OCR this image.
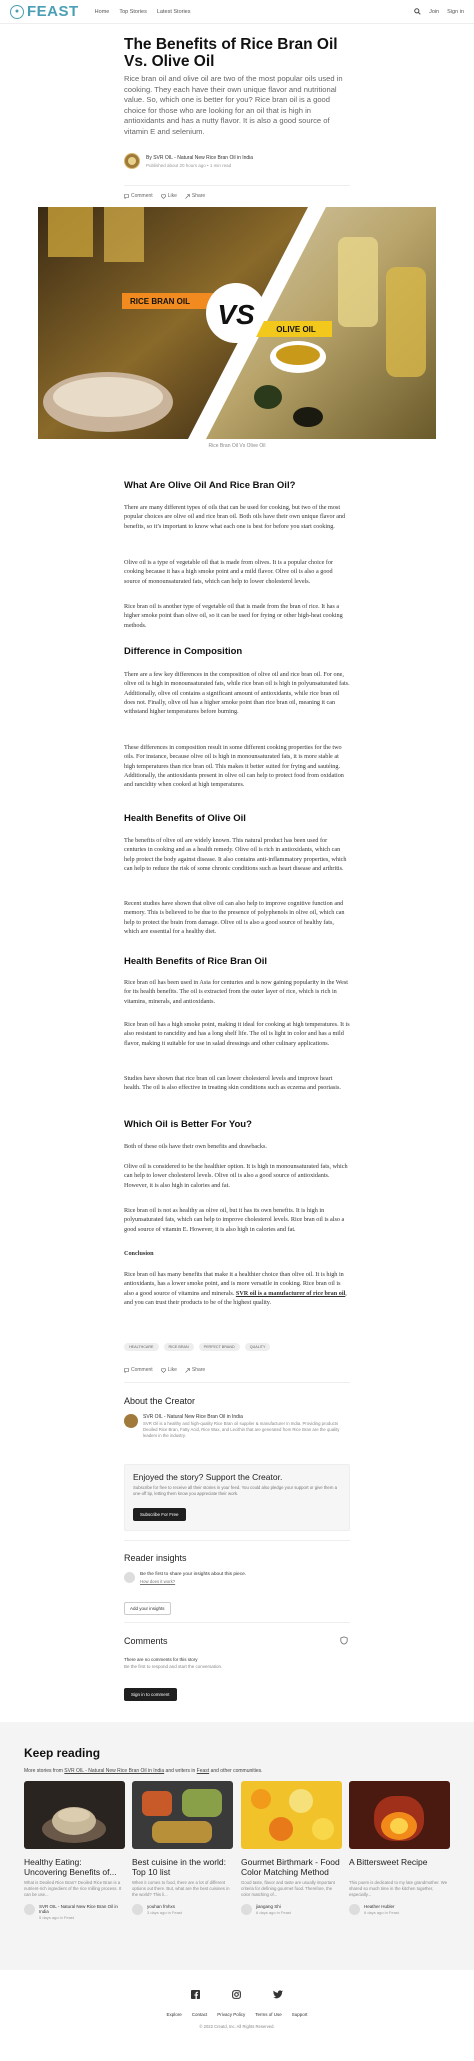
● FEAST	Home Top Stories Latest Stories	Join Sign in
The Benefits of Rice Bran Oil Vs. Olive Oil
Rice bran oil and olive oil are two of the most popular oils used in cooking. They each have their own unique flavor and nutritional value. So, which one is better for you? Rice bran oil is a good choice for those who are looking for an oil that is high in antioxidants and has a nutty flavor. It is also a good source of vitamin E and selenium.
By SVR OIL - Natural New Rice Bran Oil in India
Published about 20 hours ago • 1 min read
Comment	Like	Share
RICE BRAN OIL VS	OLIVE OIL
Rice Bran Oil Vs Olive Oil
What Are Olive Oil And Rice Bran Oil?
There are many different types of oils that can be used for cooking, but two of the most popular choices are olive oil and rice bran oil. Both oils have their own unique flavor and benefits, so it’s important to know what each one is best for before you start cooking.
Olive oil is a type of vegetable oil that is made from olives. It is a popular choice for cooking because it has a high smoke point and a mild flavor. Olive oil is also a good source of monounsaturated fats, which can help to lower cholesterol levels.
Rice bran oil is another type of vegetable oil that is made from the bran of rice. It has a higher smoke point than olive oil, so it can be used for frying or other high-heat cooking methods.
Difference in Composition
There are a few key differences in the composition of olive oil and rice bran oil. For one, olive oil is high in monounsaturated fats, while rice bran oil is high in polyunsaturated fats. Additionally, olive oil contains a significant amount of antioxidants, while rice bran oil does not. Finally, olive oil has a higher smoke point than rice bran oil, meaning it can withstand higher temperatures before burning.
These differences in composition result in some different cooking properties for the two oils. For instance, because olive oil is high in monounsaturated fats, it is more stable at high temperatures than rice bran oil. This makes it better suited for frying and sautéing. Additionally, the antioxidants present in olive oil can help to protect food from oxidation and rancidity when cooked at high temperatures.
Health Benefits of Olive Oil
The benefits of olive oil are widely known. This natural product has been used for centuries in cooking and as a health remedy. Olive oil is rich in antioxidants, which can help protect the body against disease. It also contains anti-inflammatory properties, which can help to reduce the risk of some chronic conditions such as heart disease and arthritis.
Recent studies have shown that olive oil can also help to improve cognitive function and memory. This is believed to be due to the presence of polyphenols in olive oil, which can help to protect the brain from damage. Olive oil is also a good source of healthy fats, which are essential for a healthy diet.
Health Benefits of Rice Bran Oil
Rice bran oil has been used in Asia for centuries and is now gaining popularity in the West for its health benefits. The oil is extracted from the outer layer of rice, which is rich in vitamins, minerals, and antioxidants.
Rice bran oil has a high smoke point, making it ideal for cooking at high temperatures. It is also resistant to rancidity and has a long shelf life. The oil is light in color and has a mild flavor, making it suitable for use in salad dressings and other culinary applications.
Studies have shown that rice bran oil can lower cholesterol levels and improve heart health. The oil is also effective in treating skin conditions such as eczema and psoriasis.
Which Oil is Better For You?
Both of these oils have their own benefits and drawbacks.
Olive oil is considered to be the healthier option. It is high in monounsaturated fats, which can help to lower cholesterol levels. Olive oil is also a good source of antioxidants. However, it is also high in calories and fat.
Rice bran oil is not as healthy as olive oil, but it has its own benefits. It is high in polyunsaturated fats, which can help to improve cholesterol levels. Rice bran oil is also a good source of vitamin E. However, it is also high in calories and fat.
Conclusion
Rice bran oil has many benefits that make it a healthier choice than olive oil. It is high in antioxidants, has a lower smoke point, and is more versatile in cooking. Rice bran oil is also a good source of vitamins and minerals. SVR oil is a manufacturer of rice bran oil, and you can trust their products to be of the highest quality.
HEALTHCARE	RICE BRAN	PERFECT BRAND	QUALITY
Comment	Like	Share
About the Creator
SVR OIL - Natural New Rice Bran Oil in India
SVR Oil is a healthy and high-quality Rice Bran oil supplier & manufacturer in India. Providing products Deoiled Rice Bran, Fatty Acid, Rice Wax, and Lecithin that are generated from Rice Bran are the quality leaders in the industry.
Enjoyed the story? Support the Creator.

Subscribe for free to receive all their stories in your feed. You could also pledge your support or give them a one-off tip, letting them know you appreciate their work.

Subscribe For Free
Reader insights
Be the first to share your insights about this piece.
How does it work?
Add your insights
Comments
There are no comments for this story
Be the first to respond and start the conversation.
Sign in to comment
Keep reading
More stories from SVR OIL - Natural New Rice Bran Oil in India and writers in Feast and other communities.
Healthy Eating: Uncovering Benefits of...
What is Deoiled Rice Bran? Deoiled Rice Bran is a nutrient-rich ingredient of the rice milling process. It can be use...
SVR OIL - Natural New Rice Bran Oil in India
5 days ago in Feast
Best cuisine in the world: Top 10 list
When it comes to food, there are a lot of different options out there. But, what are the best cuisines in the world? This li...
youhan fmhxs
3 days ago in Feast
Gourmet Birthmark - Food Color Matching Method
Good taste, flavor and taste are usually important criteria for defining gourmet food. Therefore, the color matching of...
jiangang Shi
6 days ago in Feast
A Bittersweet Recipe
This poem is dedicated to my late grandmother. We shared so much time in the kitchen together, especially...
Heather Hubler
6 days ago in Feast
Explore Contact Privacy Policy Terms of Use Support
© 2022 Creatd, Inc. All Rights Reserved.
